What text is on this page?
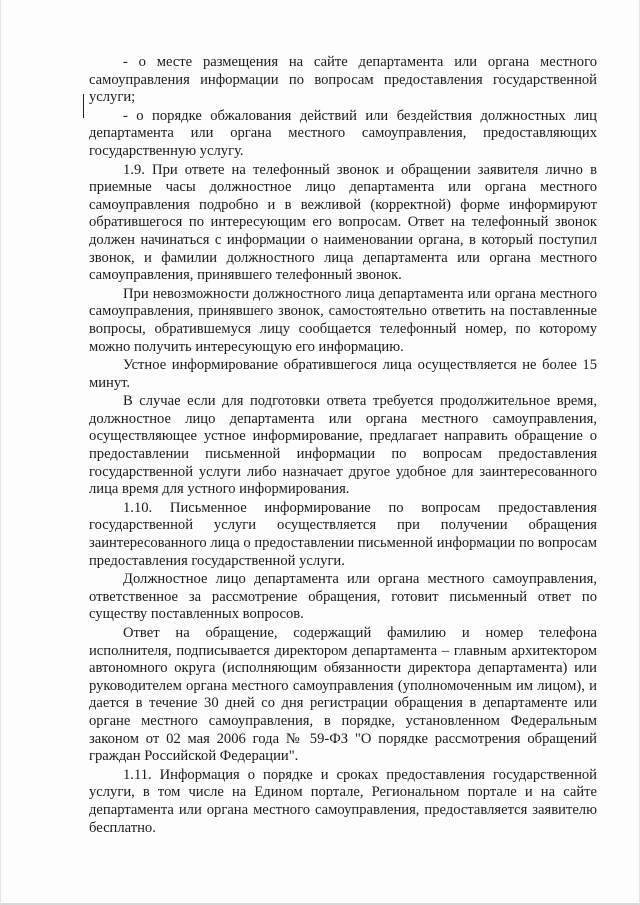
- о месте размещения на сайте департамента или органа местного самоуправления информации по вопросам предоставления государственной услуги;

- о порядке обжалования действий или бездействия должностных лиц департамента или органа местного самоуправления, предоставляющих государственную услугу.

1.9. При ответе на телефонный звонок и обращении заявителя лично в приемные часы должностное лицо департамента или органа местного самоуправления подробно и в вежливой (корректной) форме информируют обратившегося по интересующим его вопросам. Ответ на телефонный звонок должен начинаться с информации о наименовании органа, в который поступил звонок, и фамилии должностного лица департамента или органа местного самоуправления, принявшего телефонный звонок.

При невозможности должностного лица департамента или органа местного самоуправления, принявшего звонок, самостоятельно ответить на поставленные вопросы, обратившемуся лицу сообщается телефонный номер, по которому можно получить интересующую его информацию.

Устное информирование обратившегося лица осуществляется не более 15 минут.

В случае если для подготовки ответа требуется продолжительное время, должностное лицо департамента или органа местного самоуправления, осуществляющее устное информирование, предлагает направить обращение о предоставлении письменной информации по вопросам предоставления государственной услуги либо назначает другое удобное для заинтересованного лица время для устного информирования.

1.10. Письменное информирование по вопросам предоставления государственной услуги осуществляется при получении обращения заинтересованного лица о предоставлении письменной информации по вопросам предоставления государственной услуги.

Должностное лицо департамента или органа местного самоуправления, ответственное за рассмотрение обращения, готовит письменный ответ по существу поставленных вопросов.

Ответ на обращение, содержащий фамилию и номер телефона исполнителя, подписывается директором департамента – главным архитектором автономного округа (исполняющим обязанности директора департамента) или руководителем органа местного самоуправления (уполномоченным им лицом), и дается в течение 30 дней со дня регистрации обращения в департаменте или органе местного самоуправления, в порядке, установленном Федеральным законом от 02 мая 2006 года № 59-ФЗ "О порядке рассмотрения обращений граждан Российской Федерации".

1.11. Информация о порядке и сроках предоставления государственной услуги, в том числе на Едином портале, Региональном портале и на сайте департамента или органа местного самоуправления, предоставляется заявителю бесплатно.
